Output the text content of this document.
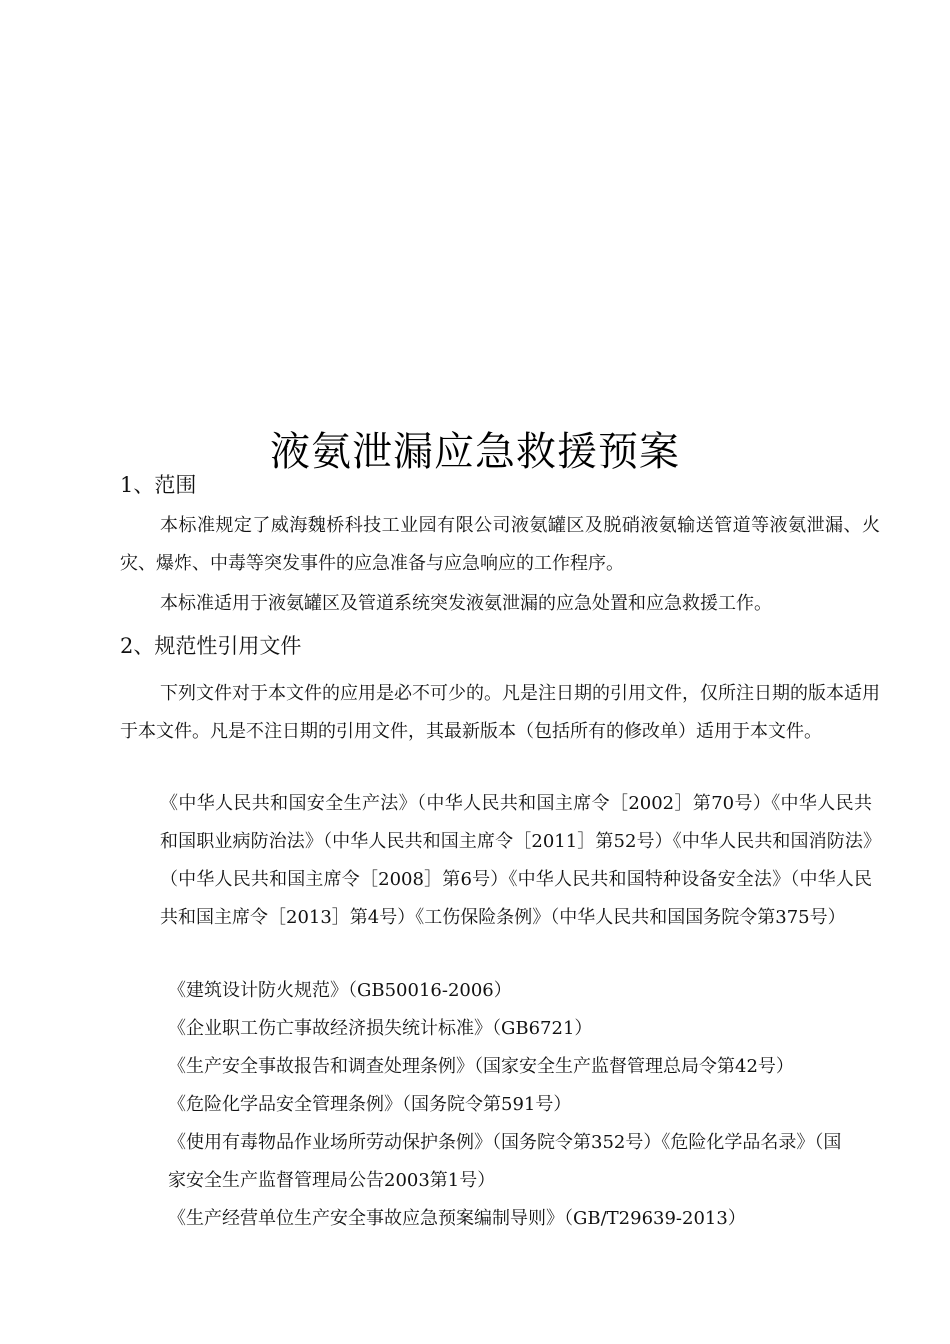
液氨泄漏应急救援预案
1、范围
本标准规定了威海魏桥科技工业园有限公司液氨罐区及脱硝液氨输送管道等液氨泄漏、火灾、爆炸、中毒等突发事件的应急准备与应急响应的工作程序。
本标准适用于液氨罐区及管道系统突发液氨泄漏的应急处置和应急救援工作。
2、规范性引用文件
下列文件对于本文件的应用是必不可少的。凡是注日期的引用文件，仅所注日期的版本适用于本文件。凡是不注日期的引用文件，其最新版本（包括所有的修改单）适用于本文件。
《中华人民共和国安全生产法》（中华人民共和国主席令［2002］第70号）《中华人民共和国职业病防治法》（中华人民共和国主席令［2011］第52号）《中华人民共和国消防法》（中华人民共和国主席令［2008］第6号）《中华人民共和国特种设备安全法》（中华人民共和国主席令［2013］第4号）《工伤保险条例》（中华人民共和国国务院令第375号）
《建筑设计防火规范》（GB50016-2006）
《企业职工伤亡事故经济损失统计标准》（GB6721）
《生产安全事故报告和调查处理条例》（国家安全生产监督管理总局令第42号）
《危险化学品安全管理条例》（国务院令第591号）
《使用有毒物品作业场所劳动保护条例》（国务院令第352号）《危险化学品名录》（国家安全生产监督管理局公告2003第1号）
《生产经营单位生产安全事故应急预案编制导则》（GB/T29639-2013）
